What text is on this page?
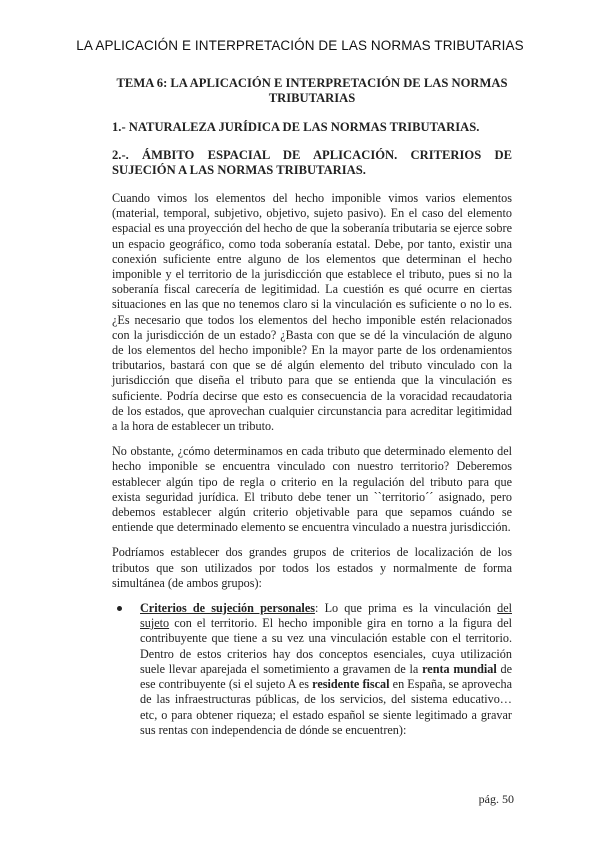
LA APLICACIÓN E INTERPRETACIÓN DE LAS NORMAS TRIBUTARIAS
TEMA 6: LA APLICACIÓN E INTERPRETACIÓN DE LAS NORMAS TRIBUTARIAS
1.- NATURALEZA JURÍDICA DE LAS NORMAS TRIBUTARIAS.
2.-. ÁMBITO ESPACIAL DE APLICACIÓN. CRITERIOS DE SUJECIÓN A LAS NORMAS TRIBUTARIAS.

Cuando vimos los elementos del hecho imponible vimos varios elementos (material, temporal, subjetivo, objetivo, sujeto pasivo). En el caso del elemento espacial es una proyección del hecho de que la soberanía tributaria se ejerce sobre un espacio geográfico, como toda soberanía estatal. Debe, por tanto, existir una conexión suficiente entre alguno de los elementos que determinan el hecho imponible y el territorio de la jurisdicción que establece el tributo, pues si no la soberanía fiscal carecería de legitimidad. La cuestión es qué ocurre en ciertas situaciones en las que no tenemos claro si la vinculación es suficiente o no lo es. ¿Es necesario que todos los elementos del hecho imponible estén relacionados con la jurisdicción de un estado? ¿Basta con que se dé la vinculación de alguno de los elementos del hecho imponible? En la mayor parte de los ordenamientos tributarios, bastará con que se dé algún elemento del tributo vinculado con la jurisdicción que diseña el tributo para que se entienda que la vinculación es suficiente. Podría decirse que esto es consecuencia de la voracidad recaudatoria de los estados, que aprovechan cualquier circunstancia para acreditar legitimidad a la hora de establecer un tributo.

No obstante, ¿cómo determinamos en cada tributo que determinado elemento del hecho imponible se encuentra vinculado con nuestro territorio? Deberemos establecer algún tipo de regla o criterio en la regulación del tributo para que exista seguridad jurídica. El tributo debe tener un ``territorio´´ asignado, pero debemos establecer algún criterio objetivable para que sepamos cuándo se entiende que determinado elemento se encuentra vinculado a nuestra jurisdicción.

Podríamos establecer dos grandes grupos de criterios de localización de los tributos que son utilizados por todos los estados y normalmente de forma simultánea (de ambos grupos):

Criterios de sujeción personales: Lo que prima es la vinculación del sujeto con el territorio. El hecho imponible gira en torno a la figura del contribuyente que tiene a su vez una vinculación estable con el territorio. Dentro de estos criterios hay dos conceptos esenciales, cuya utilización suele llevar aparejada el sometimiento a gravamen de la renta mundial de ese contribuyente (si el sujeto A es residente fiscal en España, se aprovecha de las infraestructuras públicas, de los servicios, del sistema educativo…etc, o para obtener riqueza; el estado español se siente legitimado a gravar sus rentas con independencia de dónde se encuentren):
pág. 50
